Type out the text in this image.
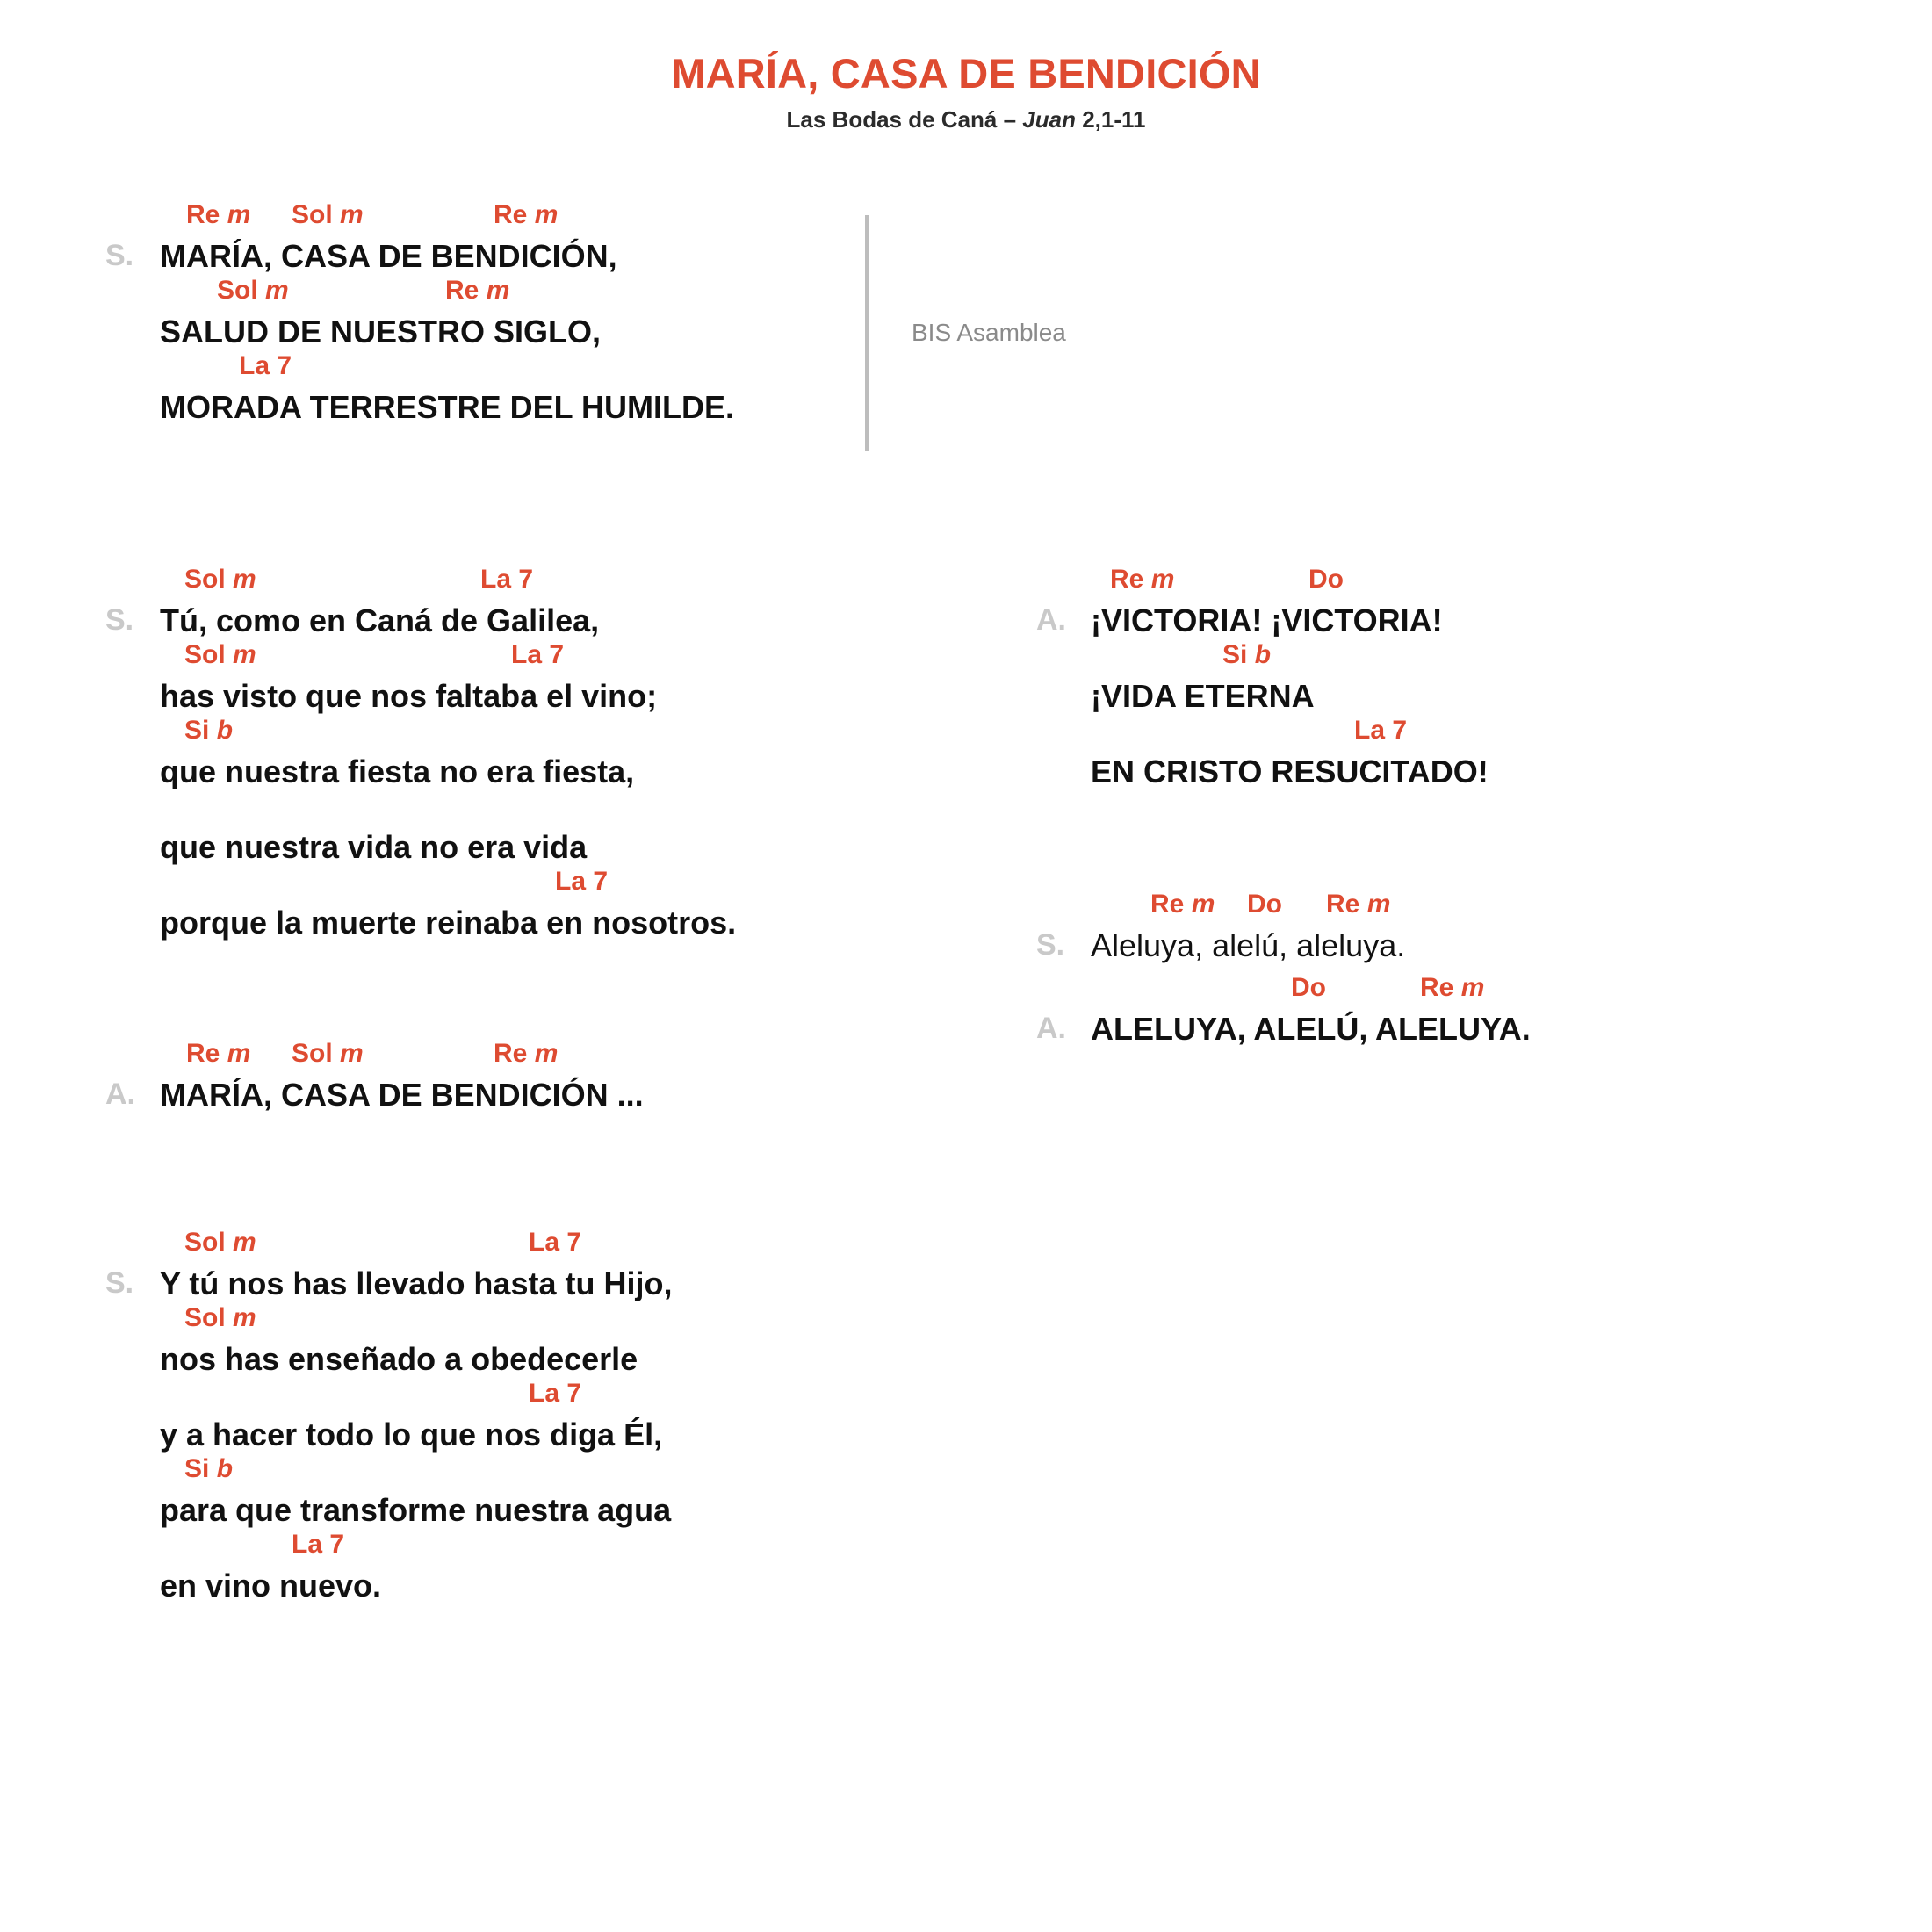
MARÍA, CASA DE BENDICIÓN
Las Bodas de Caná – Juan 2,1-11
S.
Re m Sol m	Re m
MARÍA, CASA DE BENDICIÓN,
Sol m	Re m
SALUD DE NUESTRO SIGLO,
La 7
MORADA TERRESTRE DEL HUMILDE.
S.
Sol m	La 7
Tú, como en Caná de Galilea,
Sol m	La 7
has visto que nos faltaba el vino;
Si b
que nuestra fiesta no era fiesta,
que nuestra vida no era vida
La 7
porque la muerte reinaba en nosotros.
A.
Re m Sol m	Re m
MARÍA, CASA DE BENDICIÓN ...
S.
Sol m	La 7
Y tú nos has llevado hasta tu Hijo,
Sol m
nos has enseñado a obedecerle
La 7
y a hacer todo lo que nos diga Él,
Si b
para que transforme nuestra agua
La 7
en vino nuevo.
A.
Re m	Do
¡VICTORIA! ¡VICTORIA!
Si b
¡VIDA ETERNA
La 7
EN CRISTO RESUCITADO!
S.
Re m Do Re m
Aleluya, alelú, aleluya.
A.
Do	Re m
ALELUYA, ALELÚ, ALELUYA.
BIS Asamblea
